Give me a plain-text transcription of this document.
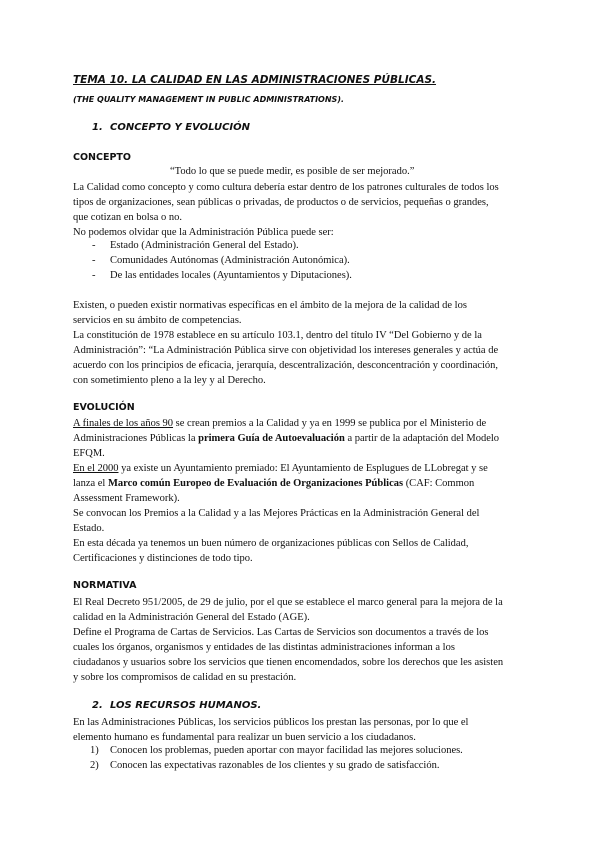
TEMA 10. LA CALIDAD EN LAS ADMINISTRACIONES PÚBLICAS.
(THE QUALITY MANAGEMENT IN PUBLIC ADMINISTRATIONS).
1. CONCEPTO Y EVOLUCIÓN
CONCEPTO
“Todo lo que se puede medir, es posible de ser mejorado.”
La Calidad como concepto y como cultura debería estar dentro de los patrones culturales de todos los
tipos de organizaciones, sean públicas o privadas, de productos o de servicios, pequeñas o grandes,
que cotizan en bolsa o no.
No podemos olvidar que la Administración Pública puede ser:
- Estado (Administración General del Estado).
- Comunidades Autónomas (Administración Autonómica).
- De las entidades locales (Ayuntamientos y Diputaciones).
Existen, o pueden existir normativas específicas en el ámbito de la mejora de la calidad de los
servicios en su ámbito de competencias.
La constitución de 1978 establece en su artículo 103.1, dentro del título IV “Del Gobierno y de la
Administración”: “La Administración Pública sirve con objetividad los intereses generales y actúa de
acuerdo con los principios de eficacia, jerarquía, descentralización, desconcentración y coordinación,
con sometimiento pleno a la ley y al Derecho.
EVOLUCIÓN
A finales de los años 90 se crean premios a la Calidad y ya en 1999 se publica por el Ministerio de
Administraciones Públicas la primera Guía de Autoevaluación a partir de la adaptación del Modelo
EFQM.
En el 2000 ya existe un Ayuntamiento premiado: El Ayuntamiento de Esplugues de LLobregat y se
lanza el Marco común Europeo de Evaluación de Organizaciones Públicas (CAF: Common
Assessment Framework).
Se convocan los Premios a la Calidad y a las Mejores Prácticas en la Administración General del
Estado.
En esta década ya tenemos un buen número de organizaciones públicas con Sellos de Calidad,
Certificaciones y distinciones de todo tipo.
NORMATIVA
El Real Decreto 951/2005, de 29 de julio, por el que se establece el marco general para la mejora de la
calidad en la Administración General del Estado (AGE).
Define el Programa de Cartas de Servicios. Las Cartas de Servicios son documentos a través de los
cuales los órganos, organismos y entidades de las distintas administraciones informan a los
ciudadanos y usuarios sobre los servicios que tienen encomendados, sobre los derechos que les asisten
y sobre los compromisos de calidad en su prestación.
2. LOS RECURSOS HUMANOS.
En las Administraciones Públicas, los servicios públicos los prestan las personas, por lo que el
elemento humano es fundamental para realizar un buen servicio a los ciudadanos.
1) Conocen los problemas, pueden aportar con mayor facilidad las mejores soluciones.
2) Conocen las expectativas razonables de los clientes y su grado de satisfacción.
